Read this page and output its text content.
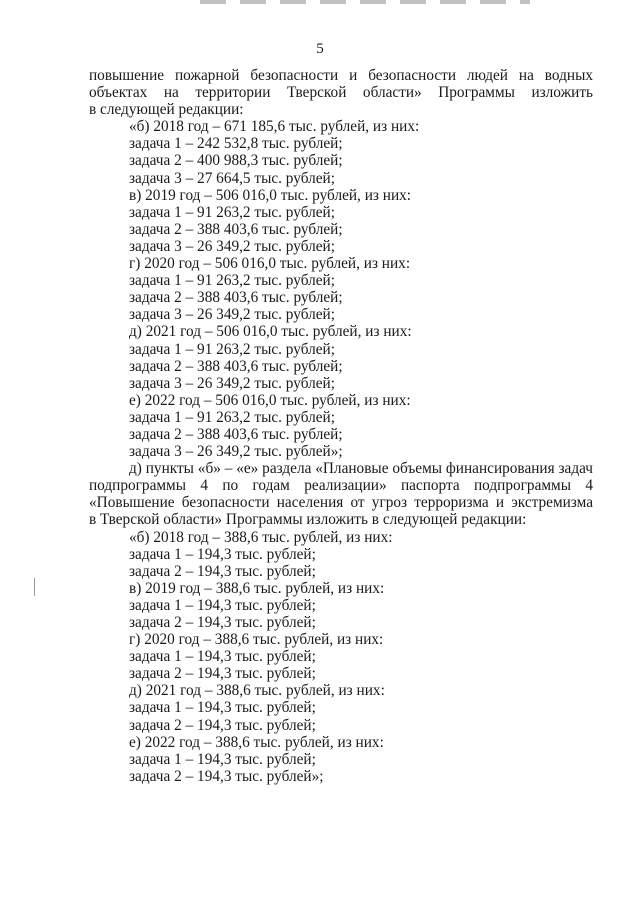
5

повышение пожарной безопасности и безопасности людей на водных

объектах на территории Тверской области» Программы изложить

в следующей редакции:

«б) 2018 год – 671 185,6 тыс. рублей, из них:

задача 1 – 242 532,8 тыс. рублей;

задача 2 – 400 988,3 тыс. рублей;

задача 3 – 27 664,5 тыс. рублей;

в) 2019 год – 506 016,0 тыс. рублей, из них:

задача 1 – 91 263,2 тыс. рублей;

задача 2 – 388 403,6 тыс. рублей;

задача 3 – 26 349,2 тыс. рублей;

г) 2020 год – 506 016,0 тыс. рублей, из них:

задача 1 – 91 263,2 тыс. рублей;

задача 2 – 388 403,6 тыс. рублей;

задача 3 – 26 349,2 тыс. рублей;

д) 2021 год – 506 016,0 тыс. рублей, из них:

задача 1 – 91 263,2 тыс. рублей;

задача 2 – 388 403,6 тыс. рублей;

задача 3 – 26 349,2 тыс. рублей;

е) 2022 год – 506 016,0 тыс. рублей, из них:

задача 1 – 91 263,2 тыс. рублей;

задача 2 – 388 403,6 тыс. рублей;

задача 3 – 26 349,2 тыс. рублей»;

д) пункты «б» – «е» раздела «Плановые объемы финансирования задач

подпрограммы 4 по годам реализации» паспорта подпрограммы 4

«Повышение безопасности населения от угроз терроризма и экстремизма

в Тверской области» Программы изложить в следующей редакции:

«б) 2018 год – 388,6 тыс. рублей, из них:

задача 1 – 194,3 тыс. рублей;

задача 2 – 194,3 тыс. рублей;

в) 2019 год – 388,6 тыс. рублей, из них:

задача 1 – 194,3 тыс. рублей;

задача 2 – 194,3 тыс. рублей;

г) 2020 год – 388,6 тыс. рублей, из них:

задача 1 – 194,3 тыс. рублей;

задача 2 – 194,3 тыс. рублей;

д) 2021 год – 388,6 тыс. рублей, из них:

задача 1 – 194,3 тыс. рублей;

задача 2 – 194,3 тыс. рублей;

е) 2022 год – 388,6 тыс. рублей, из них:

задача 1 – 194,3 тыс. рублей;

задача 2 – 194,3 тыс. рублей»;
